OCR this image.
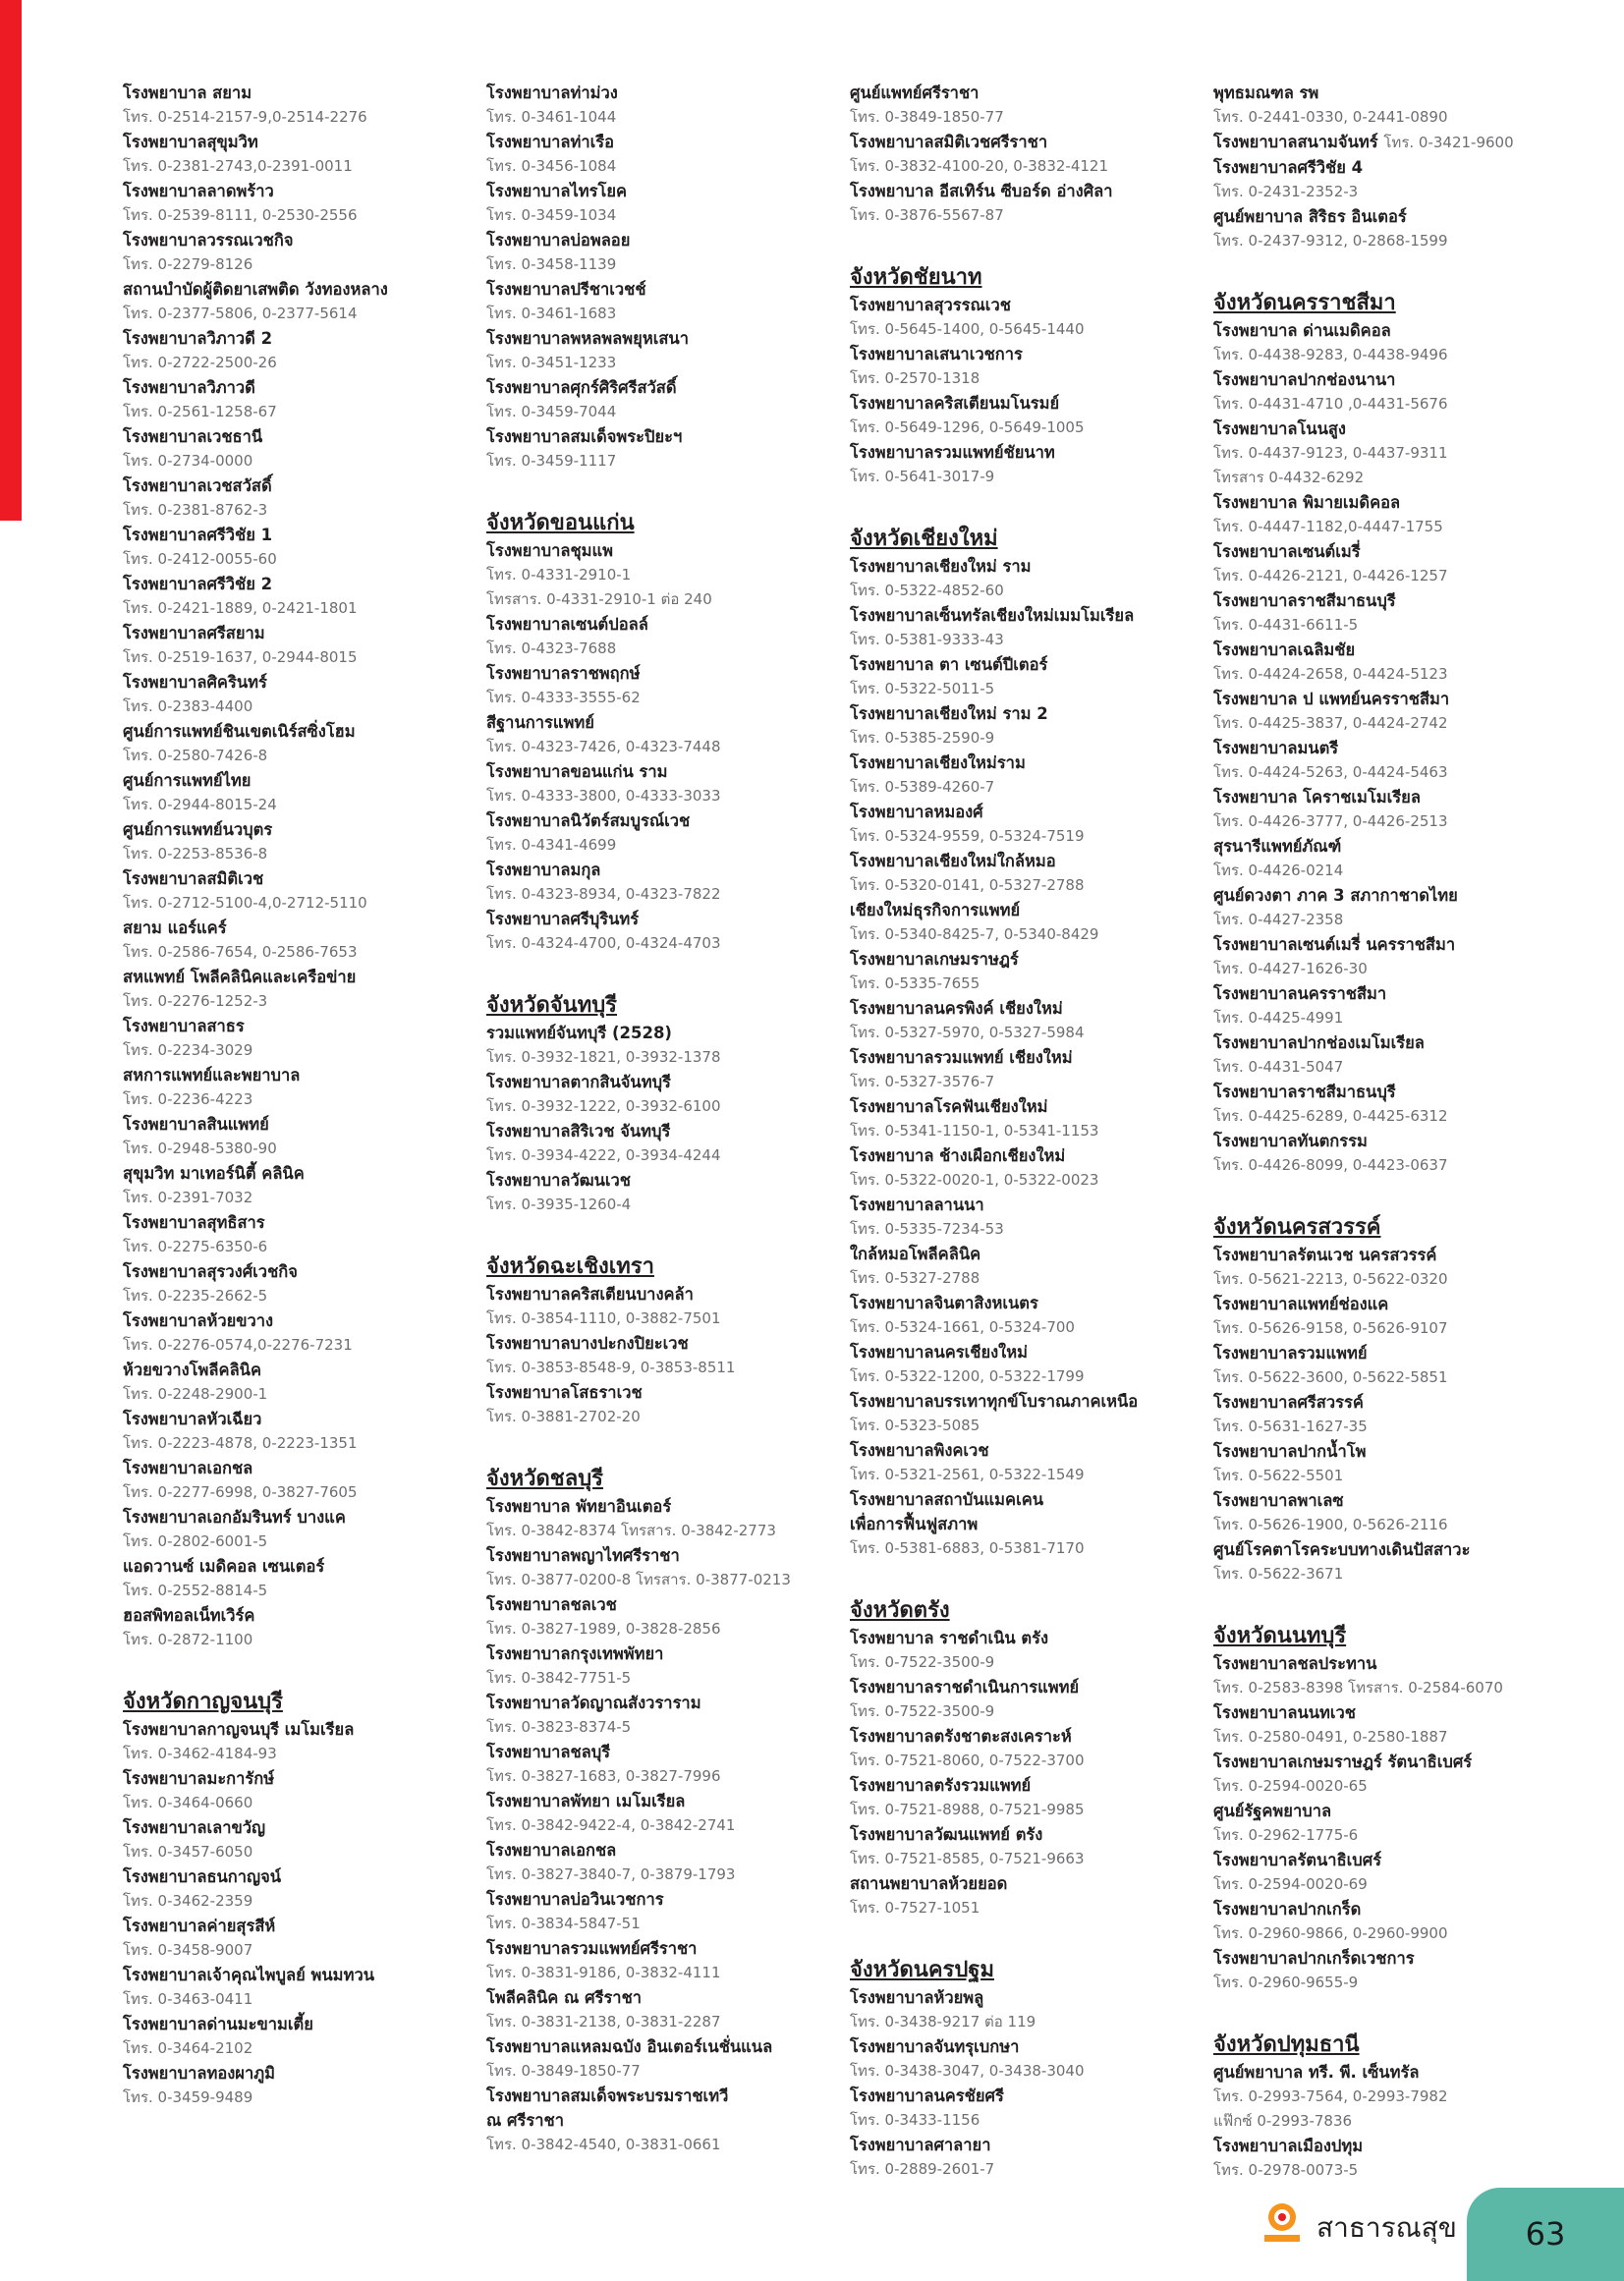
โรงพยาบาล สยาม
โทร. 0-2514-2157-9,0-2514-2276
โรงพยาบาลสุขุมวิท
โทร. 0-2381-2743,0-2391-0011
โรงพยาบาลลาดพร้าว
โทร. 0-2539-8111, 0-2530-2556
โรงพยาบาลวรรณเวชกิจ
โทร. 0-2279-8126
สถานบำบัดผู้ติดยาเสพติด วังทองหลาง
โทร. 0-2377-5806, 0-2377-5614
โรงพยาบาลวิภาวดี 2
โทร. 0-2722-2500-26
โรงพยาบาลวิภาวดี
โทร. 0-2561-1258-67
โรงพยาบาลเวชธานี
โทร. 0-2734-0000
โรงพยาบาลเวชสวัสดิ์
โทร. 0-2381-8762-3
โรงพยาบาลศรีวิชัย 1
โทร. 0-2412-0055-60
โรงพยาบาลศรีวิชัย 2
โทร. 0-2421-1889, 0-2421-1801
โรงพยาบาลศรีสยาม
โทร. 0-2519-1637, 0-2944-8015
โรงพยาบาลศิครินทร์
โทร. 0-2383-4400
ศูนย์การแพทย์ชินเขตเนิร์สซิ่งโฮม
โทร. 0-2580-7426-8
ศูนย์การแพทย์ไทย
โทร. 0-2944-8015-24
ศูนย์การแพทย์นวบุตร
โทร. 0-2253-8536-8
โรงพยาบาลสมิติเวช
โทร. 0-2712-5100-4,0-2712-5110
สยาม แอร์แคร์
โทร. 0-2586-7654, 0-2586-7653
สหแพทย์ โพลีคลินิคและเครือข่าย
โทร. 0-2276-1252-3
โรงพยาบาลสาธร
โทร. 0-2234-3029
สหการแพทย์และพยาบาล
โทร. 0-2236-4223
โรงพยาบาลสินแพทย์
โทร. 0-2948-5380-90
สุขุมวิท มาเทอร์นิตี้ คลินิค
โทร. 0-2391-7032
โรงพยาบาลสุทธิสาร
โทร. 0-2275-6350-6
โรงพยาบาลสุรวงศ์เวชกิจ
โทร. 0-2235-2662-5
โรงพยาบาลห้วยขวาง
โทร. 0-2276-0574,0-2276-7231
ห้วยขวางโพลีคลินิค
โทร. 0-2248-2900-1
โรงพยาบาลหัวเฉียว
โทร. 0-2223-4878, 0-2223-1351
โรงพยาบาลเอกชล
โทร. 0-2277-6998, 0-3827-7605
โรงพยาบาลเอกอัมรินทร์ บางแค
โทร. 0-2802-6001-5
แอดวานซ์ เมดิคอล เซนเตอร์
โทร. 0-2552-8814-5
ฮอสพิทอลเน็ทเวิร์ค
โทร. 0-2872-1100
จังหวัดกาญจนบุรี
โรงพยาบาลกาญจนบุรี เมโมเรียล
โทร. 0-3462-4184-93
โรงพยาบาลมะการักษ์
โทร. 0-3464-0660
โรงพยาบาลเลาขวัญ
โทร. 0-3457-6050
โรงพยาบาลธนกาญจน์
โทร. 0-3462-2359
โรงพยาบาลค่ายสุรสีห์
โทร. 0-3458-9007
โรงพยาบาลเจ้าคุณไพบูลย์ พนมทวน
โทร. 0-3463-0411
โรงพยาบาลด่านมะขามเตี้ย
โทร. 0-3464-2102
โรงพยาบาลทองผาภูมิ
โทร. 0-3459-9489
โรงพยาบาลท่าม่วง
โทร. 0-3461-1044
โรงพยาบาลท่าเรือ
โทร. 0-3456-1084
โรงพยาบาลไทรโยค
โทร. 0-3459-1034
โรงพยาบาลบ่อพลอย
โทร. 0-3458-1139
โรงพยาบาลปรีชาเวชช์
โทร. 0-3461-1683
โรงพยาบาลพหลพลพยุหเสนา
โทร. 0-3451-1233
โรงพยาบาลศุกร์ศิริศรีสวัสดิ์
โทร. 0-3459-7044
โรงพยาบาลสมเด็จพระปิยะฯ
โทร. 0-3459-1117
จังหวัดขอนแก่น
โรงพยาบาลชุมแพ
โทร. 0-4331-2910-1
โทรสาร. 0-4331-2910-1 ต่อ 240
โรงพยาบาลเซนต์ปอลล์
โทร. 0-4323-7688
โรงพยาบาลราชพฤกษ์
โทร. 0-4333-3555-62
สีฐานการแพทย์
โทร. 0-4323-7426, 0-4323-7448
โรงพยาบาลขอนแก่น ราม
โทร. 0-4333-3800, 0-4333-3033
โรงพยาบาลนิวัตร์สมบูรณ์เวช
โทร. 0-4341-4699
โรงพยาบาลมกุล
โทร. 0-4323-8934, 0-4323-7822
โรงพยาบาลศรีบุรินทร์
โทร. 0-4324-4700, 0-4324-4703
จังหวัดจันทบุรี
รวมแพทย์จันทบุรี (2528)
โทร. 0-3932-1821, 0-3932-1378
โรงพยาบาลตากสินจันทบุรี
โทร. 0-3932-1222, 0-3932-6100
โรงพยาบาลสิริเวช จันทบุรี
โทร. 0-3934-4222, 0-3934-4244
โรงพยาบาลวัฒนเวช
โทร. 0-3935-1260-4
จังหวัดฉะเชิงเทรา
โรงพยาบาลคริสเตียนบางคล้า
โทร. 0-3854-1110, 0-3882-7501
โรงพยาบาลบางปะกงปิยะเวช
โทร. 0-3853-8548-9, 0-3853-8511
โรงพยาบาลโสธราเวช
โทร. 0-3881-2702-20
จังหวัดชลบุรี
โรงพยาบาล พัทยาอินเตอร์
โทร. 0-3842-8374 โทรสาร. 0-3842-2773
โรงพยาบาลพญาไทศรีราชา
โทร. 0-3877-0200-8 โทรสาร. 0-3877-0213
โรงพยาบาลชลเวช
โทร. 0-3827-1989, 0-3828-2856
โรงพยาบาลกรุงเทพพัทยา
โทร. 0-3842-7751-5
โรงพยาบาลวัดญาณสังวราราม
โทร. 0-3823-8374-5
โรงพยาบาลชลบุรี
โทร. 0-3827-1683, 0-3827-7996
โรงพยาบาลพัทยา เมโมเรียล
โทร. 0-3842-9422-4, 0-3842-2741
โรงพยาบาลเอกชล
โทร. 0-3827-3840-7, 0-3879-1793
โรงพยาบาลบ่อวินเวชการ
โทร. 0-3834-5847-51
โรงพยาบาลรวมแพทย์ศรีราชา
โทร. 0-3831-9186, 0-3832-4111
โพลีคลินิค ณ ศรีราชา
โทร. 0-3831-2138, 0-3831-2287
โรงพยาบาลแหลมฉบัง อินเตอร์เนชั่นแนล
โทร. 0-3849-1850-77
โรงพยาบาลสมเด็จพระบรมราชเทวี
ณ ศรีราชา
โทร. 0-3842-4540, 0-3831-0661
ศูนย์แพทย์ศรีราชา
โทร. 0-3849-1850-77
โรงพยาบาลสมิติเวชศรีราชา
โทร. 0-3832-4100-20, 0-3832-4121
โรงพยาบาล อีสเทิร์น ซีบอร์ด อ่างศิลา
โทร. 0-3876-5567-87
จังหวัดชัยนาท
โรงพยาบาลสุวรรณเวช
โทร. 0-5645-1400, 0-5645-1440
โรงพยาบาลเสนาเวชการ
โทร. 0-2570-1318
โรงพยาบาลคริสเตียนมโนรมย์
โทร. 0-5649-1296, 0-5649-1005
โรงพยาบาลรวมแพทย์ชัยนาท
โทร. 0-5641-3017-9
จังหวัดเชียงใหม่
โรงพยาบาลเชียงใหม่ ราม
โทร. 0-5322-4852-60
โรงพยาบาลเซ็นทรัลเชียงใหม่เมมโมเรียล
โทร. 0-5381-9333-43
โรงพยาบาล ตา เซนต์ปีเตอร์
โทร. 0-5322-5011-5
โรงพยาบาลเชียงใหม่ ราม 2
โทร. 0-5385-2590-9
โรงพยาบาลเชียงใหม่ราม
โทร. 0-5389-4260-7
โรงพยาบาลหมองศ์
โทร. 0-5324-9559, 0-5324-7519
โรงพยาบาลเชียงใหม่ใกล้หมอ
โทร. 0-5320-0141, 0-5327-2788
เชียงใหม่ธุรกิจการแพทย์
โทร. 0-5340-8425-7, 0-5340-8429
โรงพยาบาลเกษมราษฎร์
โทร. 0-5335-7655
โรงพยาบาลนครพิงค์ เชียงใหม่
โทร. 0-5327-5970, 0-5327-5984
โรงพยาบาลรวมแพทย์ เชียงใหม่
โทร. 0-5327-3576-7
โรงพยาบาลโรคฟันเชียงใหม่
โทร. 0-5341-1150-1, 0-5341-1153
โรงพยาบาล ช้างเผือกเชียงใหม่
โทร. 0-5322-0020-1, 0-5322-0023
โรงพยาบาลลานนา
โทร. 0-5335-7234-53
ใกล้หมอโพลีคลินิค
โทร. 0-5327-2788
โรงพยาบาลจินตาสิงหเนตร
โทร. 0-5324-1661, 0-5324-700
โรงพยาบาลนครเชียงใหม่
โทร. 0-5322-1200, 0-5322-1799
โรงพยาบาลบรรเทาทุกข์โบราณภาคเหนือ
โทร. 0-5323-5085
โรงพยาบาลพิงคเวช
โทร. 0-5321-2561, 0-5322-1549
โรงพยาบาลสถาบันแมคเคน
เพื่อการฟื้นฟูสภาพ
โทร. 0-5381-6883, 0-5381-7170
จังหวัดตรัง
โรงพยาบาล ราชดำเนิน ตรัง
โทร. 0-7522-3500-9
โรงพยาบาลราชดำเนินการแพทย์
โทร. 0-7522-3500-9
โรงพยาบาลตรังชาตะสงเคราะห์
โทร. 0-7521-8060, 0-7522-3700
โรงพยาบาลตรังรวมแพทย์
โทร. 0-7521-8988, 0-7521-9985
โรงพยาบาลวัฒนแพทย์ ตรัง
โทร. 0-7521-8585, 0-7521-9663
สถานพยาบาลห้วยยอด
โทร. 0-7527-1051
จังหวัดนครปฐม
โรงพยาบาลห้วยพลู
โทร. 0-3438-9217 ต่อ 119
โรงพยาบาลจันทรุเบกษา
โทร. 0-3438-3047, 0-3438-3040
โรงพยาบาลนครชัยศรี
โทร. 0-3433-1156
โรงพยาบาลศาลายา
โทร. 0-2889-2601-7
พุทธมณฑล รพ
โทร. 0-2441-0330, 0-2441-0890
โรงพยาบาลสนามจันทร์ โทร. 0-3421-9600
โรงพยาบาลศรีวิชัย 4
โทร. 0-2431-2352-3
ศูนย์พยาบาล สิริธร อินเตอร์
โทร. 0-2437-9312, 0-2868-1599
จังหวัดนครราชสีมา
โรงพยาบาล ด่านเมดิคอล
โทร. 0-4438-9283, 0-4438-9496
โรงพยาบาลปากช่องนานา
โทร. 0-4431-4710 ,0-4431-5676
โรงพยาบาลโนนสูง
โทร. 0-4437-9123, 0-4437-9311
โทรสาร 0-4432-6292
โรงพยาบาล พิมายเมดิคอล
โทร. 0-4447-1182,0-4447-1755
โรงพยาบาลเซนต์เมรี่
โทร. 0-4426-2121, 0-4426-1257
โรงพยาบาลราชสีมาธนบุรี
โทร. 0-4431-6611-5
โรงพยาบาลเฉลิมชัย
โทร. 0-4424-2658, 0-4424-5123
โรงพยาบาล ป แพทย์นครราชสีมา
โทร. 0-4425-3837, 0-4424-2742
โรงพยาบาลมนตรี
โทร. 0-4424-5263, 0-4424-5463
โรงพยาบาล โคราชเมโมเรียล
โทร. 0-4426-3777, 0-4426-2513
สุรนารีแพทย์ภัณฑ์
โทร. 0-4426-0214
ศูนย์ดวงตา ภาค 3 สภากาชาดไทย
โทร. 0-4427-2358
โรงพยาบาลเซนต์เมรี่ นครราชสีมา
โทร. 0-4427-1626-30
โรงพยาบาลนครราชสีมา
โทร. 0-4425-4991
โรงพยาบาลปากช่องเมโมเรียล
โทร. 0-4431-5047
โรงพยาบาลราชสีมาธนบุรี
โทร. 0-4425-6289, 0-4425-6312
โรงพยาบาลทันตกรรม
โทร. 0-4426-8099, 0-4423-0637
จังหวัดนครสวรรค์
โรงพยาบาลรัตนเวช นครสวรรค์
โทร. 0-5621-2213, 0-5622-0320
โรงพยาบาลแพทย์ช่องแค
โทร. 0-5626-9158, 0-5626-9107
โรงพยาบาลรวมแพทย์
โทร. 0-5622-3600, 0-5622-5851
โรงพยาบาลศรีสวรรค์
โทร. 0-5631-1627-35
โรงพยาบาลปากน้ำโพ
โทร. 0-5622-5501
โรงพยาบาลพาเลซ
โทร. 0-5626-1900, 0-5626-2116
ศูนย์โรคตาโรคระบบทางเดินปัสสาวะ
โทร. 0-5622-3671
จังหวัดนนทบุรี
โรงพยาบาลชลประทาน
โทร. 0-2583-8398 โทรสาร. 0-2584-6070
โรงพยาบาลนนทเวช
โทร. 0-2580-0491, 0-2580-1887
โรงพยาบาลเกษมราษฎร์ รัตนาธิเบศร์
โทร. 0-2594-0020-65
ศูนย์รัฐคพยาบาล
โทร. 0-2962-1775-6
โรงพยาบาลรัตนาธิเบศร์
โทร. 0-2594-0020-69
โรงพยาบาลปากเกร็ด
โทร. 0-2960-9866, 0-2960-9900
โรงพยาบาลปากเกร็ดเวชการ
โทร. 0-2960-9655-9
จังหวัดปทุมธานี
ศูนย์พยาบาล ทรี. พี. เซ็นทรัล
โทร. 0-2993-7564, 0-2993-7982
แฟ๊กซ์ 0-2993-7836
โรงพยาบาลเมืองปทุม
โทร. 0-2978-0073-5
สาธารณสุข	63
